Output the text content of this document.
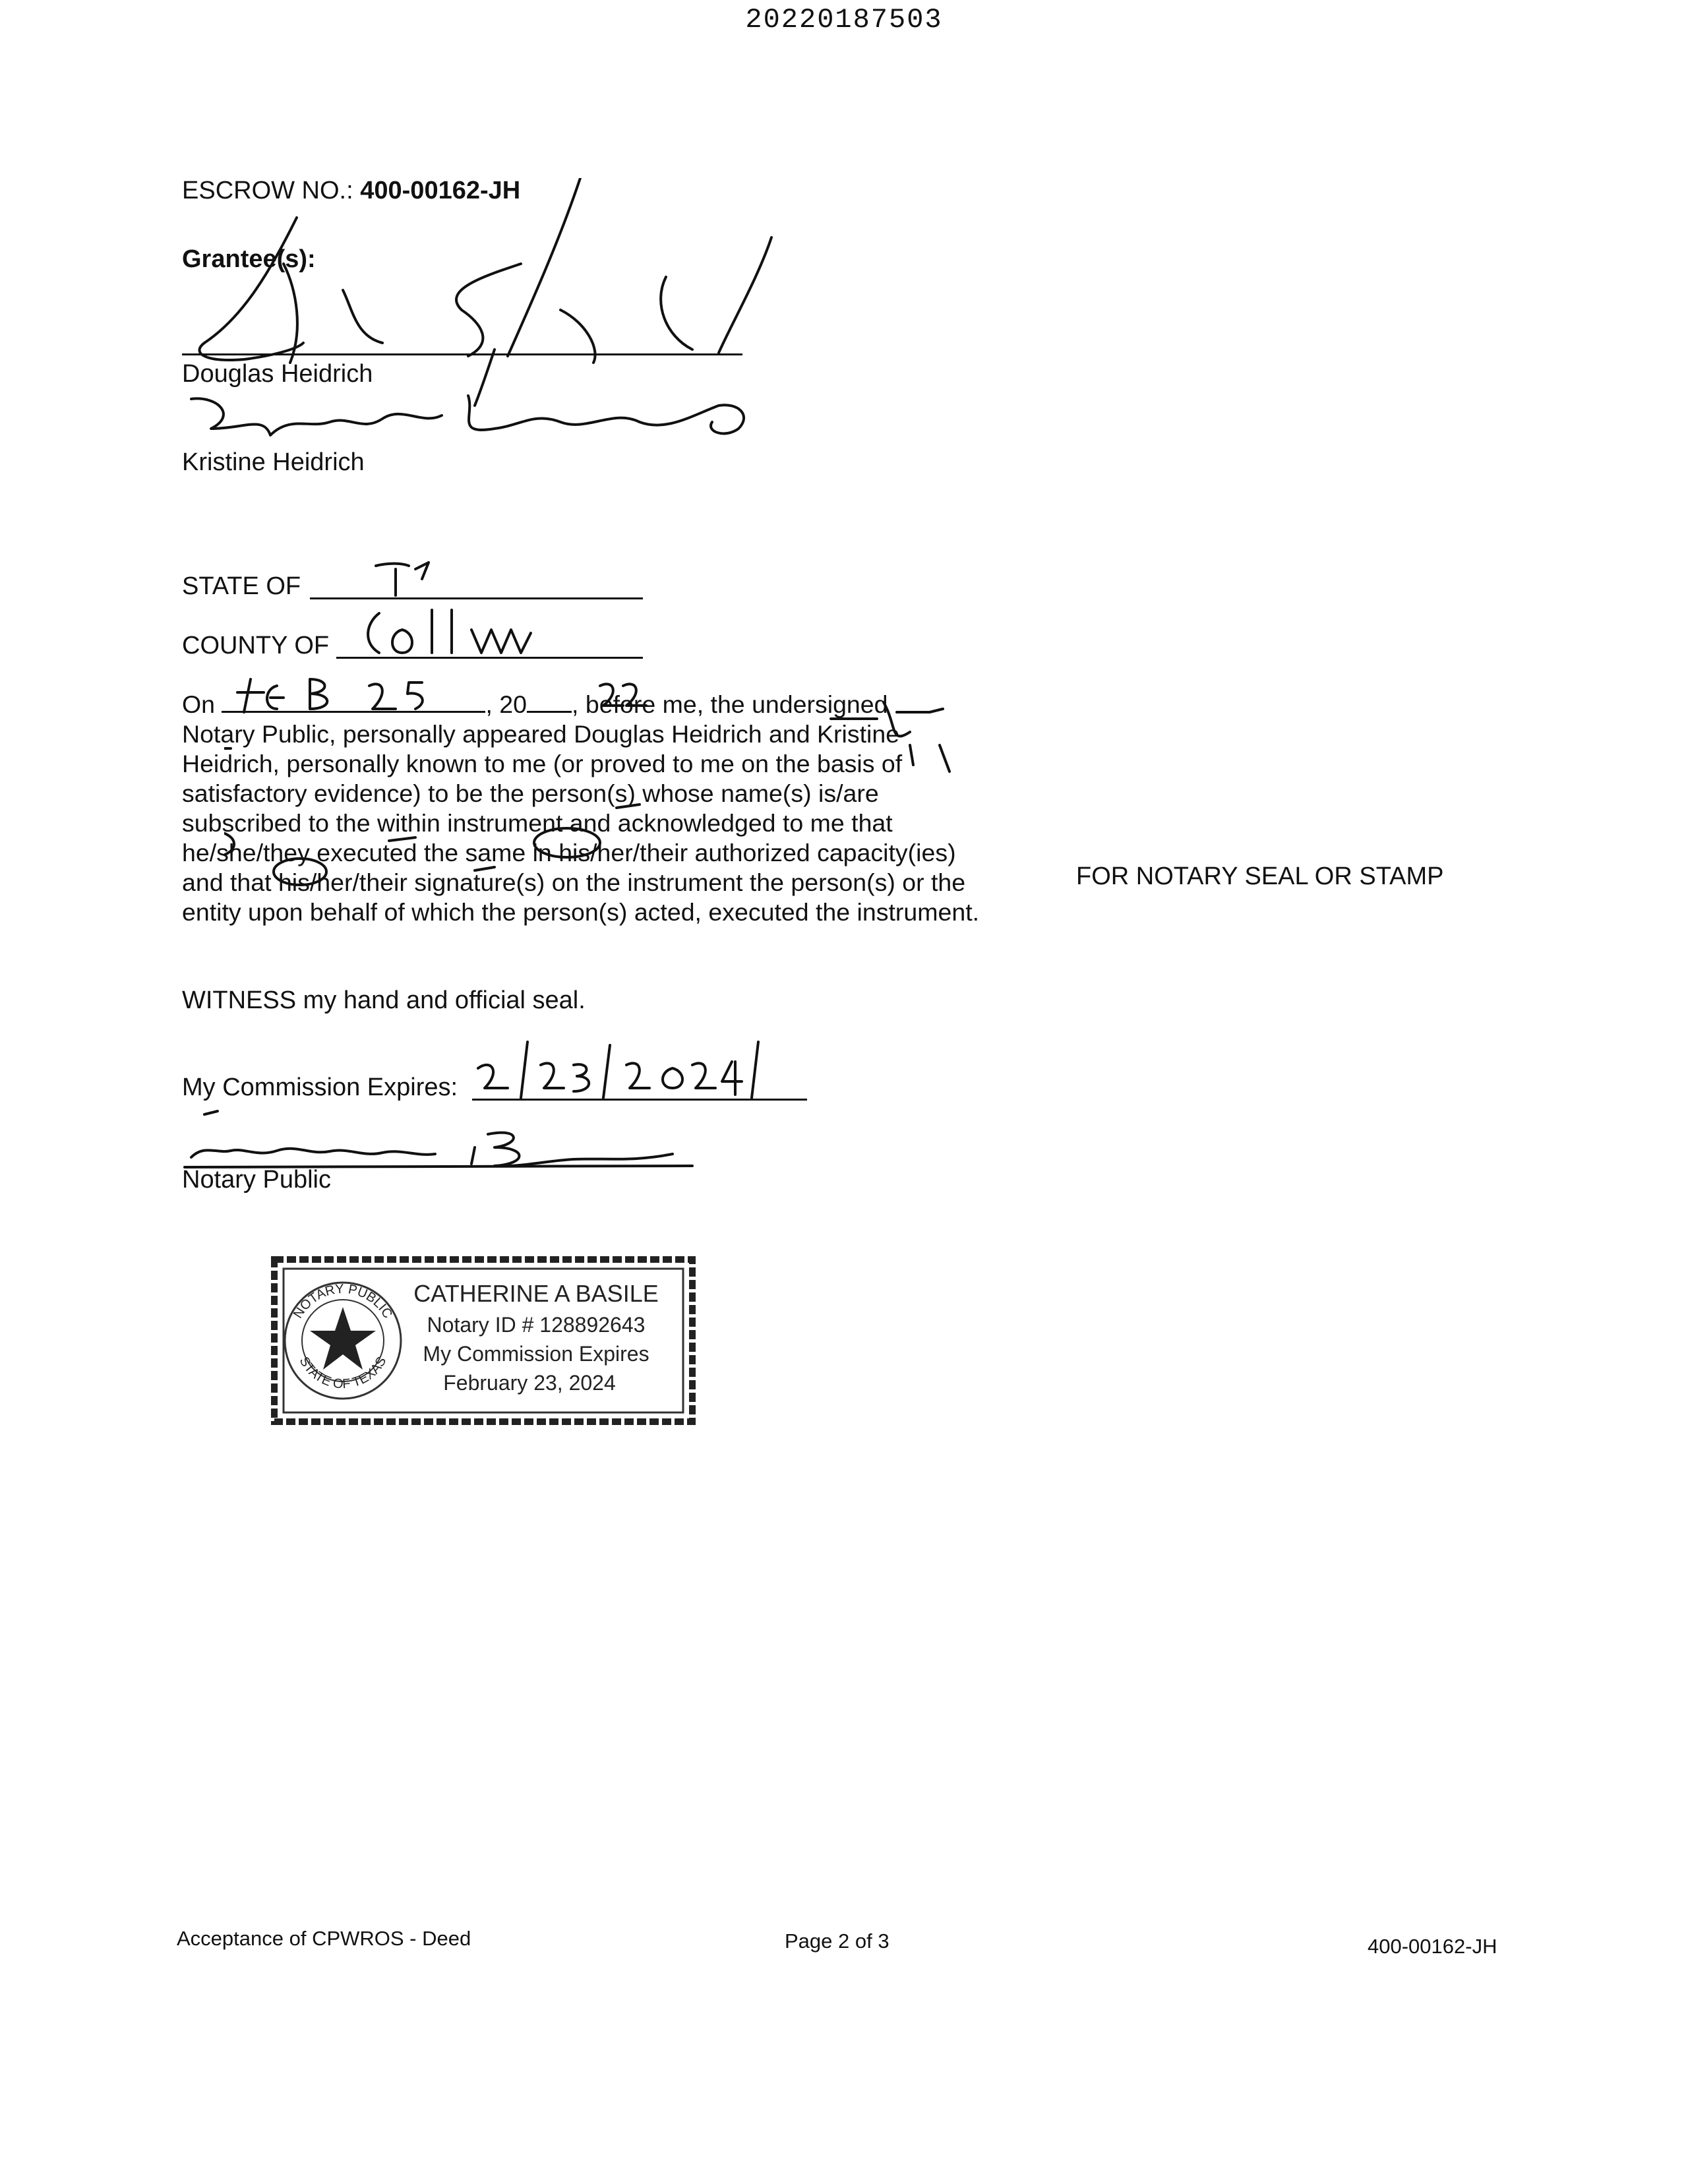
20220187503
ESCROW NO.: 400-00162-JH
Grantee(s):
Douglas Heidrich
Kristine Heidrich
STATE OF
COUNTY OF
On	, 20 , before me, the undersigned
Notary Public, personally appeared Douglas Heidrich and Kristine
Heidrich, personally known to me (or proved to me on the basis of
satisfactory evidence) to be the person(s) whose name(s) is/are
subscribed to the within instrument and acknowledged to me that
he/she/they executed the same in his/her/their authorized capacity(ies)
and that his/her/their signature(s) on the instrument the person(s) or the
entity upon behalf of which the person(s) acted, executed the instrument.
FOR NOTARY SEAL OR STAMP
WITNESS my hand and official seal.
My Commission Expires:
Notary Public
NOTARY PUBLIC
STATE OF TEXAS
CATHERINE A BASILE
Notary ID # 128892643
My Commission Expires
February 23, 2024
Acceptance of CPWROS - Deed	Page 2 of 3	400-00162-JH
